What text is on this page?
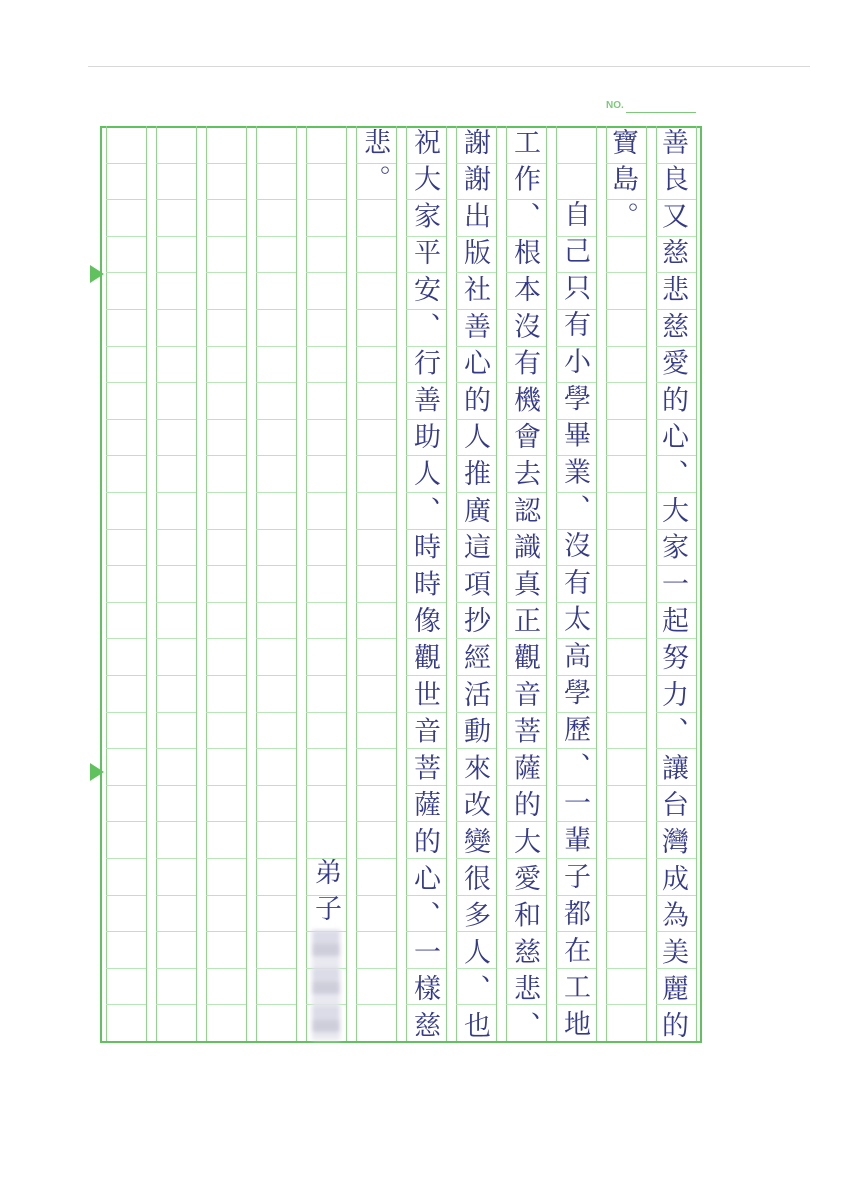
NO.
善良又慈悲慈愛的心、大家一起努力、讓台灣成為美麗的
寶島。
自己只有小學畢業、沒有太高學歷、一輩子都在工地
工作、根本沒有機會去認識真正觀音菩薩的大愛和慈悲、
謝謝出版社善心的人推廣這項抄經活動來改變很多人、也
祝大家平安、行善助人、時時像觀世音菩薩的心、一樣慈
悲。
弟子
